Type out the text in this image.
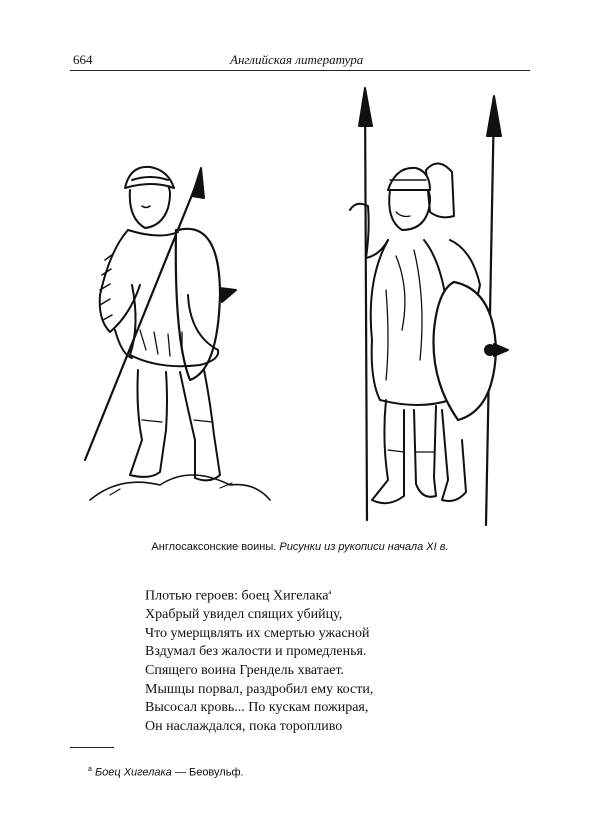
664	Английская литература
Англосаксонские воины. Рисунки из рукописи начала XI в.
Плотью героев: боец Хигелака$^а$
Храбрый увидел спящих убийцу,
Что умерщвлять их смертью ужасной
Вздумал без жалости и промедленья.
Спящего воина Грендель хватает.
Мышцы порвал, раздробил ему кости,
Высосал кровь... По кускам пожирая,
Он наслаждался, пока торопливо
$^а$ Боец Хигелака — Беовульф.
